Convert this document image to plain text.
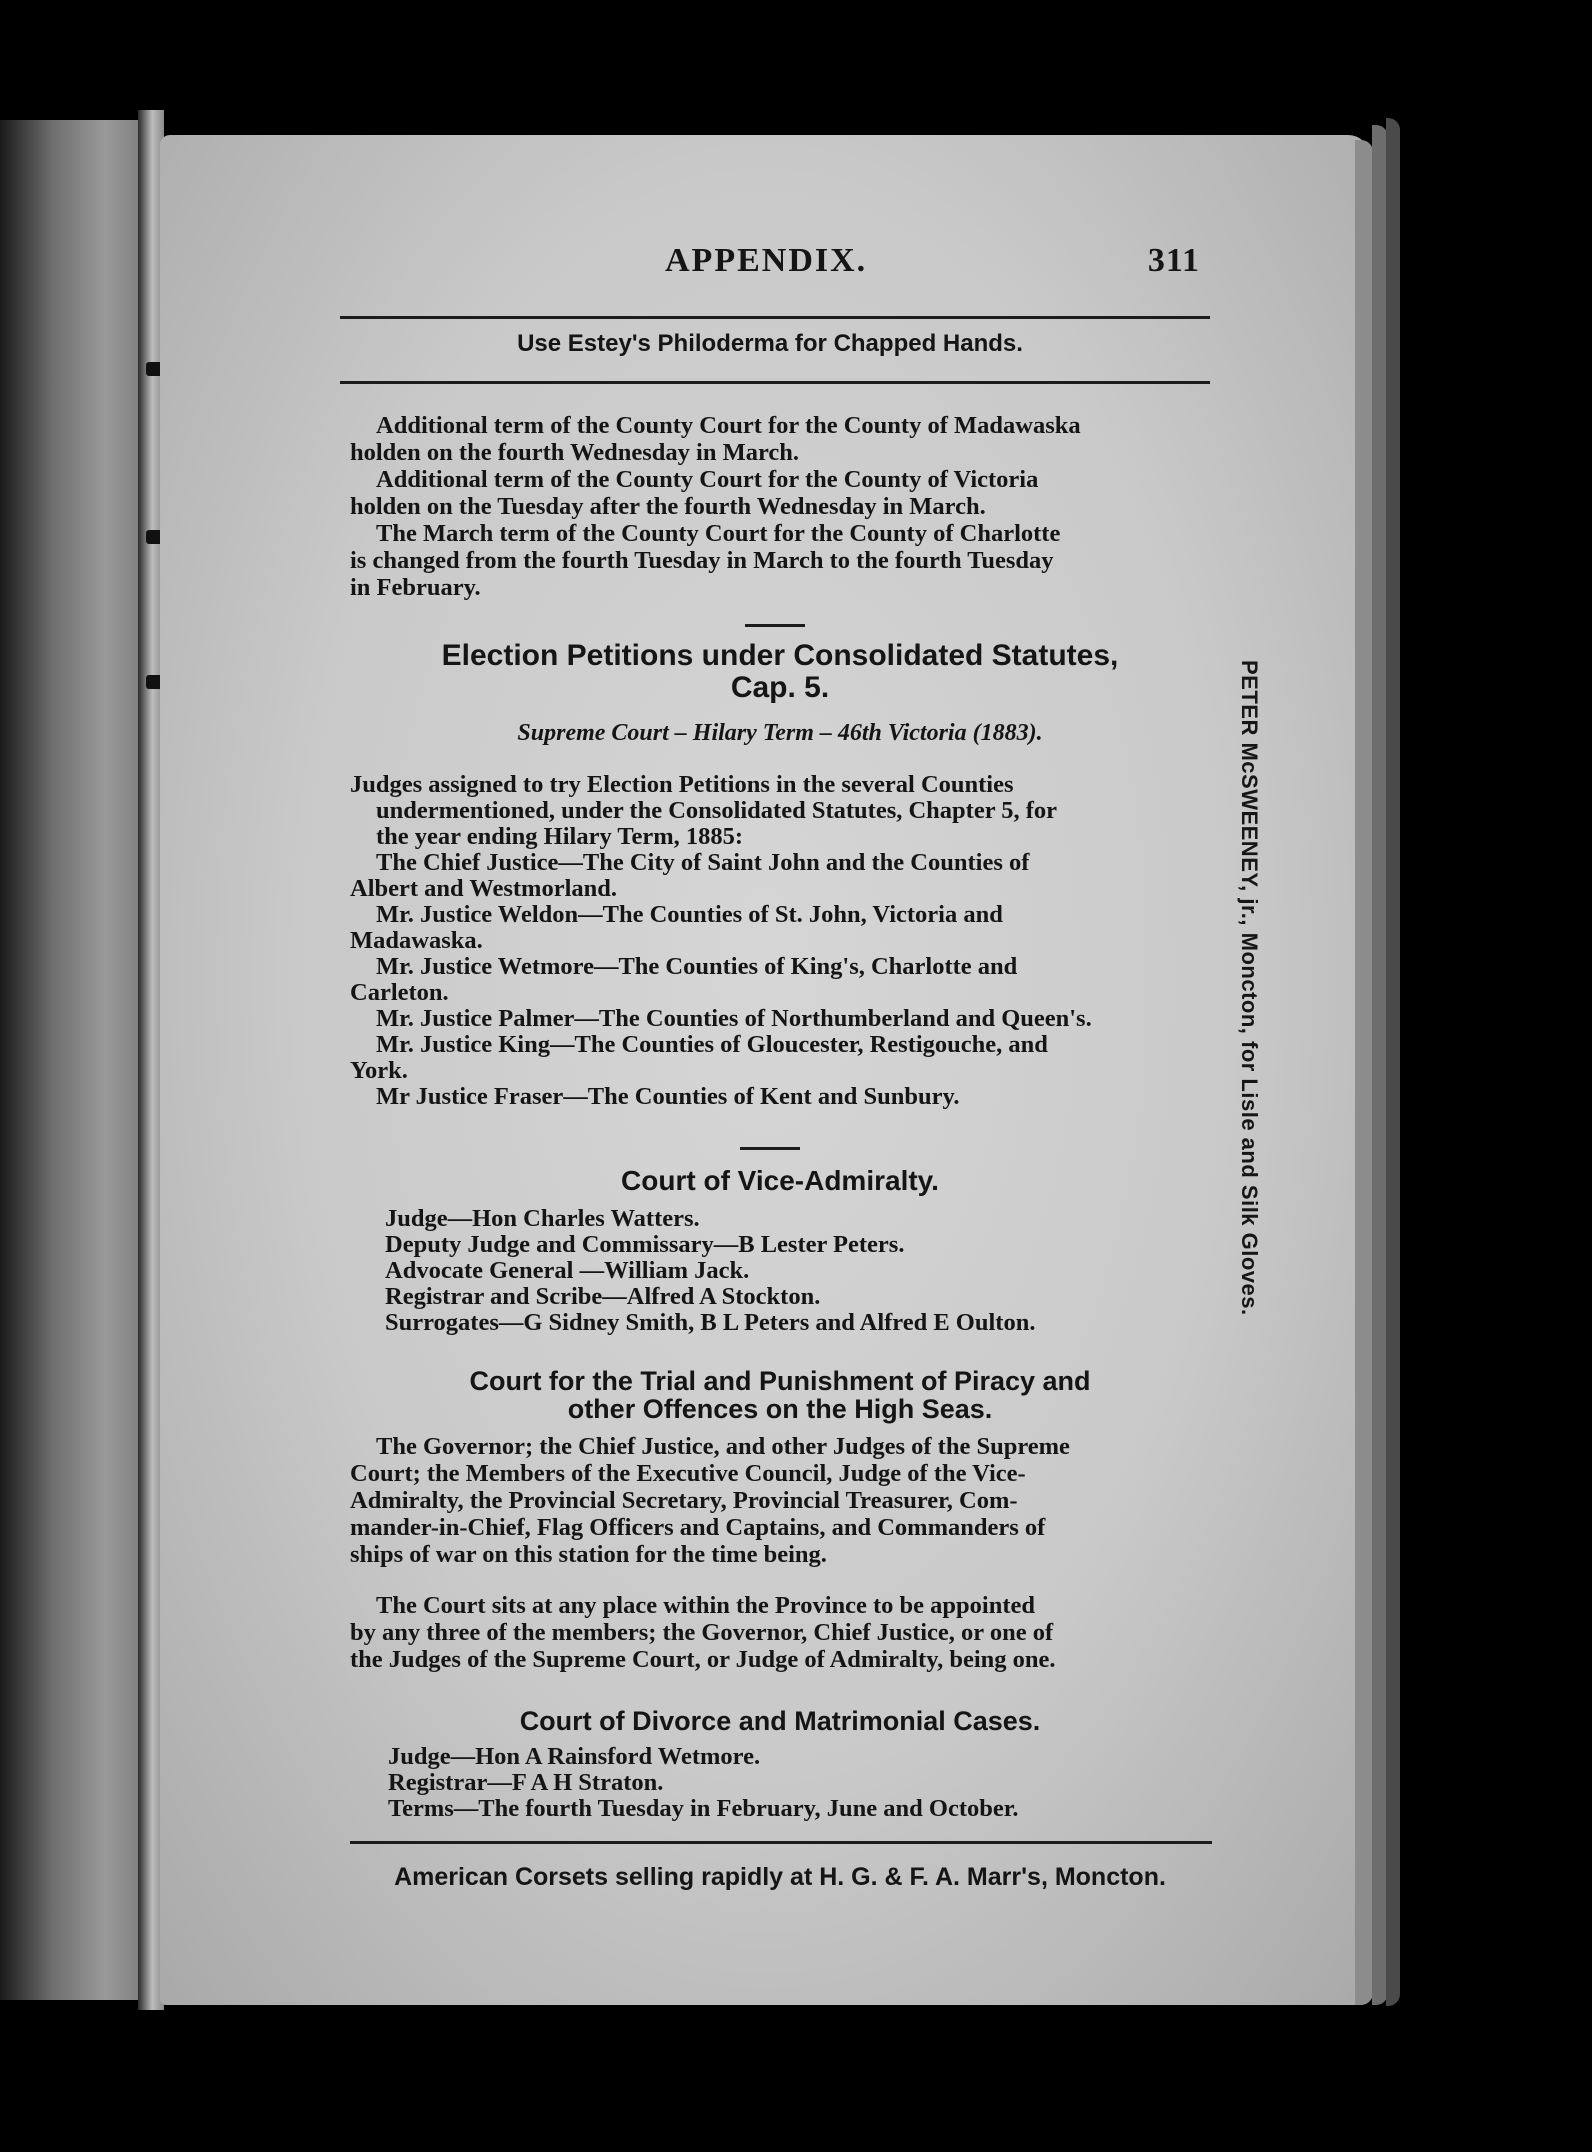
APPENDIX.	311
Use Estey's Philoderma for Chapped Hands.
Additional term of the County Court for the County of Madawaska
holden on the fourth Wednesday in March.
Additional term of the County Court for the County of Victoria
holden on the Tuesday after the fourth Wednesday in March.
The March term of the County Court for the County of Charlotte
is changed from the fourth Tuesday in March to the fourth Tuesday
in February.
Election Petitions under Consolidated Statutes,
Cap. 5.
Supreme Court – Hilary Term – 46th Victoria (1883).
Judges assigned to try Election Petitions in the several Counties
undermentioned, under the Consolidated Statutes, Chapter 5, for
the year ending Hilary Term, 1885:
The Chief Justice—The City of Saint John and the Counties of
Albert and Westmorland.
Mr. Justice Weldon—The Counties of St. John, Victoria and
Madawaska.
Mr. Justice Wetmore—The Counties of King's, Charlotte and
Carleton.
Mr. Justice Palmer—The Counties of Northumberland and Queen's.
Mr. Justice King—The Counties of Gloucester, Restigouche, and
York.
Mr Justice Fraser—The Counties of Kent and Sunbury.
Court of Vice-Admiralty.
Judge—Hon Charles Watters.
Deputy Judge and Commissary—B Lester Peters.
Advocate General —William Jack.
Registrar and Scribe—Alfred A Stockton.
Surrogates—G Sidney Smith, B L Peters and Alfred E Oulton.
Court for the Trial and Punishment of Piracy and
other Offences on the High Seas.
The Governor; the Chief Justice, and other Judges of the Supreme
Court; the Members of the Executive Council, Judge of the Vice-
Admiralty, the Provincial Secretary, Provincial Treasurer, Com-
mander-in-Chief, Flag Officers and Captains, and Commanders of
ships of war on this station for the time being.
The Court sits at any place within the Province to be appointed
by any three of the members; the Governor, Chief Justice, or one of
the Judges of the Supreme Court, or Judge of Admiralty, being one.
Court of Divorce and Matrimonial Cases.
Judge—Hon A Rainsford Wetmore.
Registrar—F A H Straton.
Terms—The fourth Tuesday in February, June and October.
American Corsets selling rapidly at H. G. & F. A. Marr's, Moncton.
PETER McSWEENEY, jr., Moncton, for Lisle and Silk Gloves.
